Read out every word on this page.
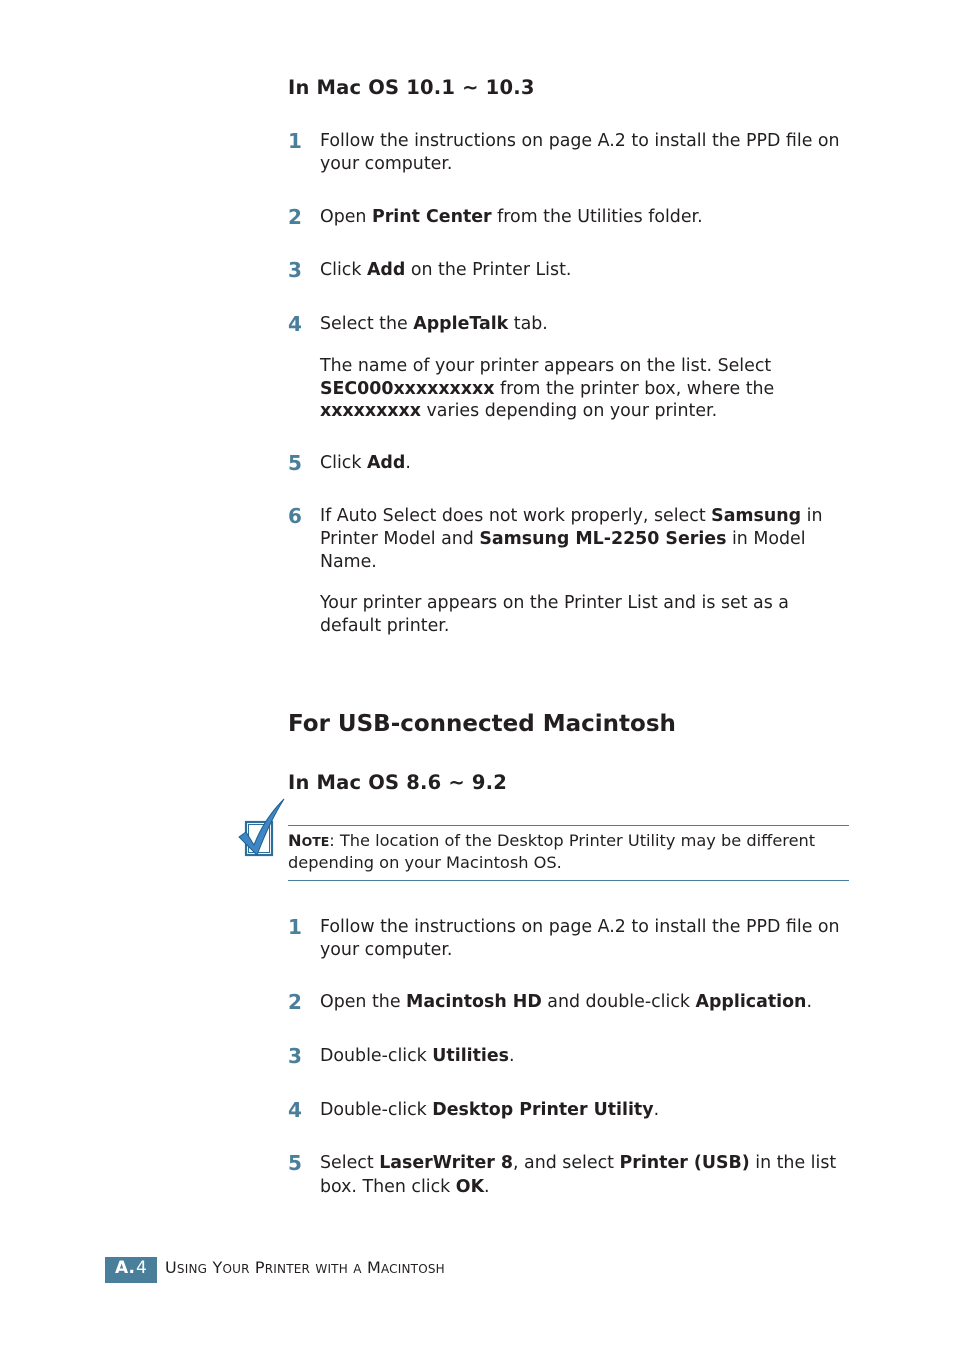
In Mac OS 10.1 ~ 10.3
1	Follow the instructions on page A.2 to install the PPD file on your computer.
2	Open Print Center from the Utilities folder.
3	Click Add on the Printer List.
4	Select the AppleTalk tab.
The name of your printer appears on the list. Select SEC000xxxxxxxxx from the printer box, where the xxxxxxxxx varies depending on your printer.
5	Click Add.
6	If Auto Select does not work properly, select Samsung in Printer Model and Samsung ML-2250 Series in Model Name.
Your printer appears on the Printer List and is set as a default printer.
For USB-connected Macintosh
In Mac OS 8.6 ~ 9.2
NOTE: The location of the Desktop Printer Utility may be different depending on your Macintosh OS.
1	Follow the instructions on page A.2 to install the PPD file on your computer.
2	Open the Macintosh HD and double-click Application.
3	Double-click Utilities.
4	Double-click Desktop Printer Utility.
5	Select LaserWriter 8, and select Printer (USB) in the list box. Then click OK.
A. 4 USING YOUR PRINTER WITH A MACINTOSH
